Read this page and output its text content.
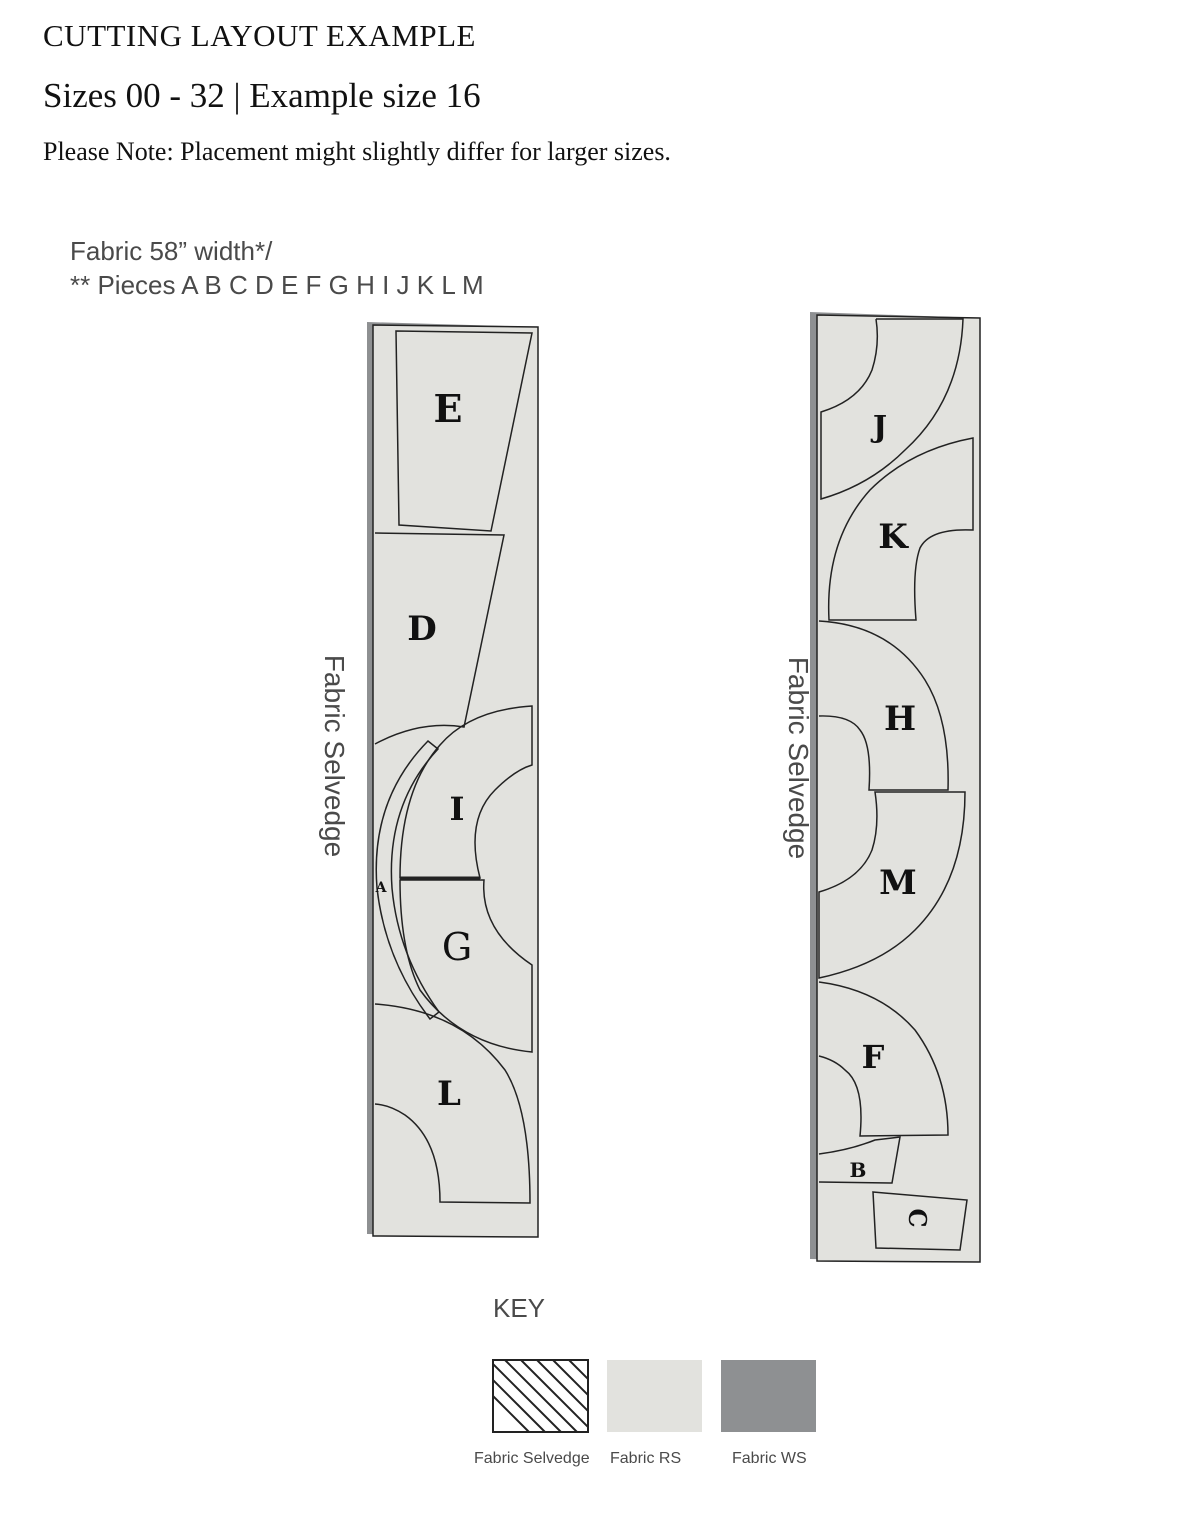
CUTTING LAYOUT EXAMPLE
Sizes 00 - 32 | Example size 16
Please Note: Placement might slightly differ for larger sizes.
Fabric 58” width*/
** Pieces A B C D E F G H I J K L M
E
D
I
A
G
L
Fabric Selvedge
J
K
H
M
F
B
C
Fabric Selvedge
KEY
Fabric Selvedge Fabric RS	Fabric WS
